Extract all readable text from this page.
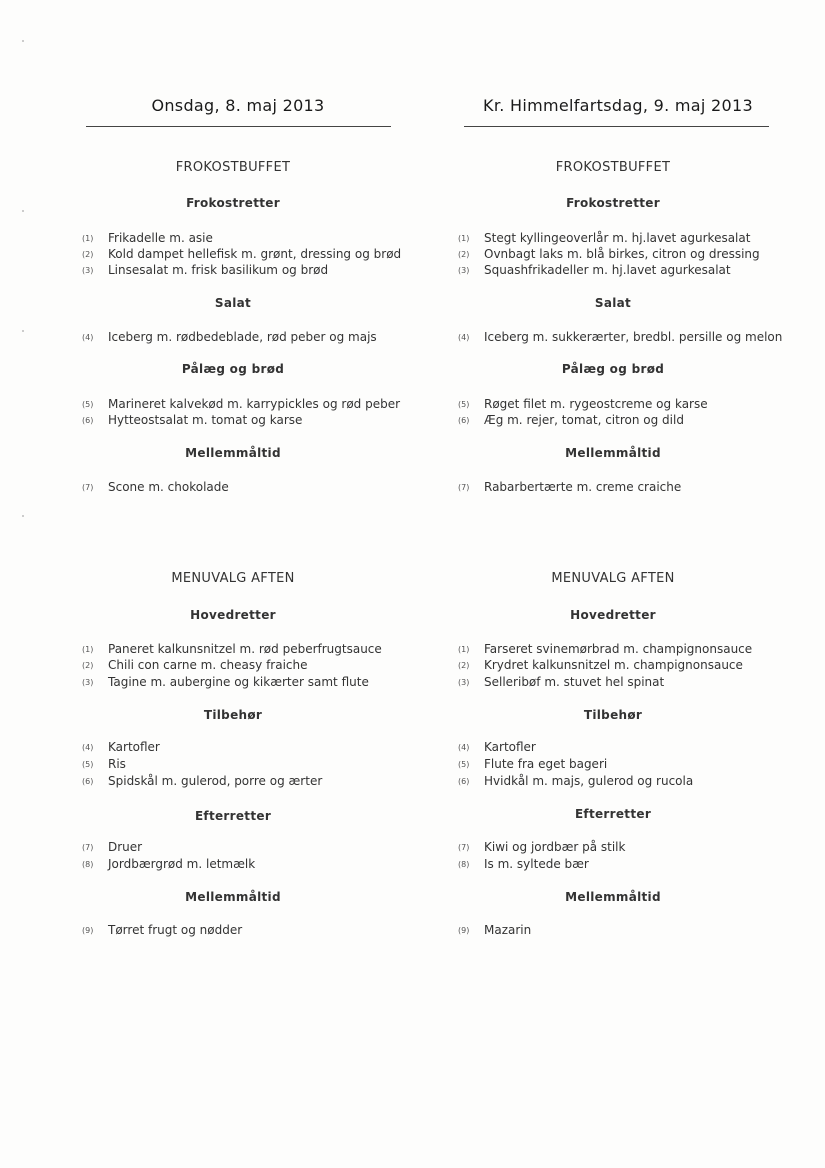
Onsdag, 8. maj 2013
FROKOSTBUFFET
Frokostretter
(1) Frikadelle m. asie
(2) Kold dampet hellefisk m. grønt, dressing og brød
(3) Linsesalat m. frisk basilikum og brød
Salat
(4) Iceberg m. rødbedeblade, rød peber og majs
Pålæg og brød
(5) Marineret kalvekød m. karrypickles og rød peber
(6) Hytteostsalat m. tomat og karse
Mellemmåltid
(7) Scone m. chokolade
MENUVALG AFTEN
Hovedretter
(1) Paneret kalkunsnitzel m. rød peberfrugtsauce
(2) Chili con carne m. cheasy fraiche
(3) Tagine m. aubergine og kikærter samt flute
Tilbehør
(4) Kartofler
(5) Ris
(6) Spidskål m. gulerod, porre og ærter
Efterretter
(7) Druer
(8) Jordbærgrød m. letmælk
Mellemmåltid
(9) Tørret frugt og nødder
Kr. Himmelfartsdag, 9. maj 2013
FROKOSTBUFFET
Frokostretter
(1) Stegt kyllingeoverlår m. hj.lavet agurkesalat
(2) Ovnbagt laks m. blå birkes, citron og dressing
(3) Squashfrikadeller m. hj.lavet agurkesalat
Salat
(4) Iceberg m. sukkerærter, bredbl. persille og melon
Pålæg og brød
(5) Røget filet m. rygeostcreme og karse
(6) Æg m. rejer, tomat, citron og dild
Mellemmåltid
(7) Rabarbertærte m. creme craiche
MENUVALG AFTEN
Hovedretter
(1) Farseret svinemørbrad m. champignonsauce
(2) Krydret kalkunsnitzel m. champignonsauce
(3) Selleribøf m. stuvet hel spinat
Tilbehør
(4) Kartofler
(5) Flute fra eget bageri
(6) Hvidkål m. majs, gulerod og rucola
Efterretter
(7) Kiwi og jordbær på stilk
(8) Is m. syltede bær
Mellemmåltid
(9) Mazarin
